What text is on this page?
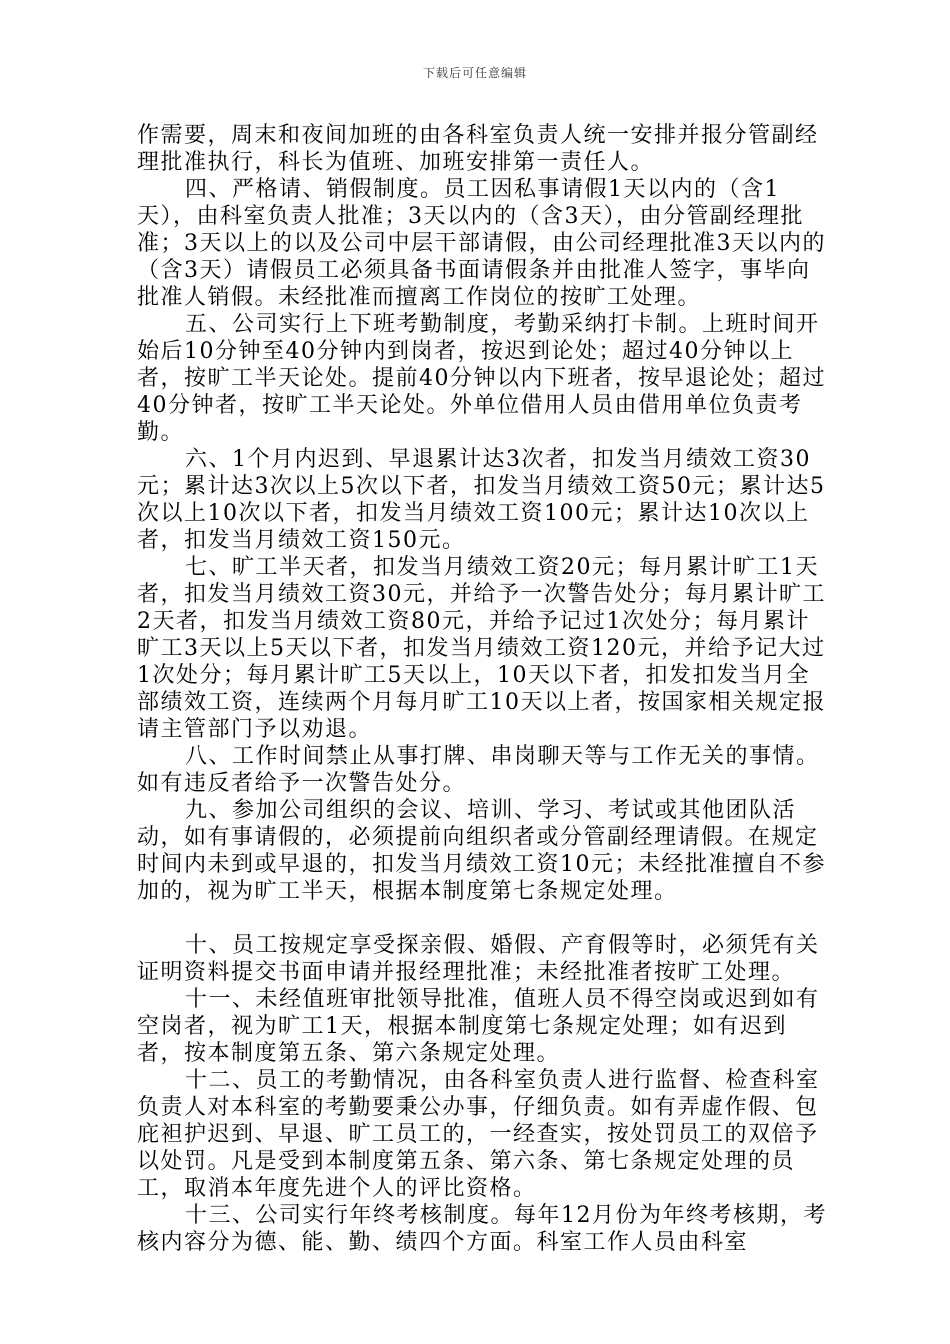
下载后可任意编辑

作需要，周末和夜间加班的由各科室负责人统一安排并报分管副经理批准执行，科长为值班、加班安排第一责任人。

四、严格请、销假制度。员工因私事请假1天以内的（含1天），由科室负责人批准；3天以内的（含3天），由分管副经理批准；3天以上的以及公司中层干部请假，由公司经理批准3天以内的（含3天）请假员工必须具备书面请假条并由批准人签字，事毕向批准人销假。未经批准而擅离工作岗位的按旷工处理。

五、公司实行上下班考勤制度，考勤采纳打卡制。上班时间开始后10分钟至40分钟内到岗者，按迟到论处；超过40分钟以上者，按旷工半天论处。提前40分钟以内下班者，按早退论处；超过40分钟者，按旷工半天论处。外单位借用人员由借用单位负责考勤。

六、1个月内迟到、早退累计达3次者，扣发当月绩效工资30元；累计达3次以上5次以下者，扣发当月绩效工资50元；累计达5次以上10次以下者，扣发当月绩效工资100元；累计达10次以上者，扣发当月绩效工资150元。

七、旷工半天者，扣发当月绩效工资20元；每月累计旷工1天者，扣发当月绩效工资30元，并给予一次警告处分；每月累计旷工2天者，扣发当月绩效工资80元，并给予记过1次处分；每月累计旷工3天以上5天以下者，扣发当月绩效工资120元，并给予记大过1次处分；每月累计旷工5天以上，10天以下者，扣发扣发当月全部绩效工资，连续两个月每月旷工10天以上者，按国家相关规定报请主管部门予以劝退。

八、工作时间禁止从事打牌、串岗聊天等与工作无关的事情。如有违反者给予一次警告处分。

九、参加公司组织的会议、培训、学习、考试或其他团队活动，如有事请假的，必须提前向组织者或分管副经理请假。在规定时间内未到或早退的，扣发当月绩效工资10元；未经批准擅自不参加的，视为旷工半天，根据本制度第七条规定处理。

十、员工按规定享受探亲假、婚假、产育假等时，必须凭有关证明资料提交书面申请并报经理批准；未经批准者按旷工处理。

十一、未经值班审批领导批准，值班人员不得空岗或迟到如有空岗者，视为旷工1天，根据本制度第七条规定处理；如有迟到者，按本制度第五条、第六条规定处理。

十二、员工的考勤情况，由各科室负责人进行监督、检查科室负责人对本科室的考勤要秉公办事，仔细负责。如有弄虚作假、包庇袒护迟到、早退、旷工员工的，一经查实，按处罚员工的双倍予以处罚。凡是受到本制度第五条、第六条、第七条规定处理的员工，取消本年度先进个人的评比资格。

十三、公司实行年终考核制度。每年12月份为年终考核期，考核内容分为德、能、勤、绩四个方面。科室工作人员由科室
